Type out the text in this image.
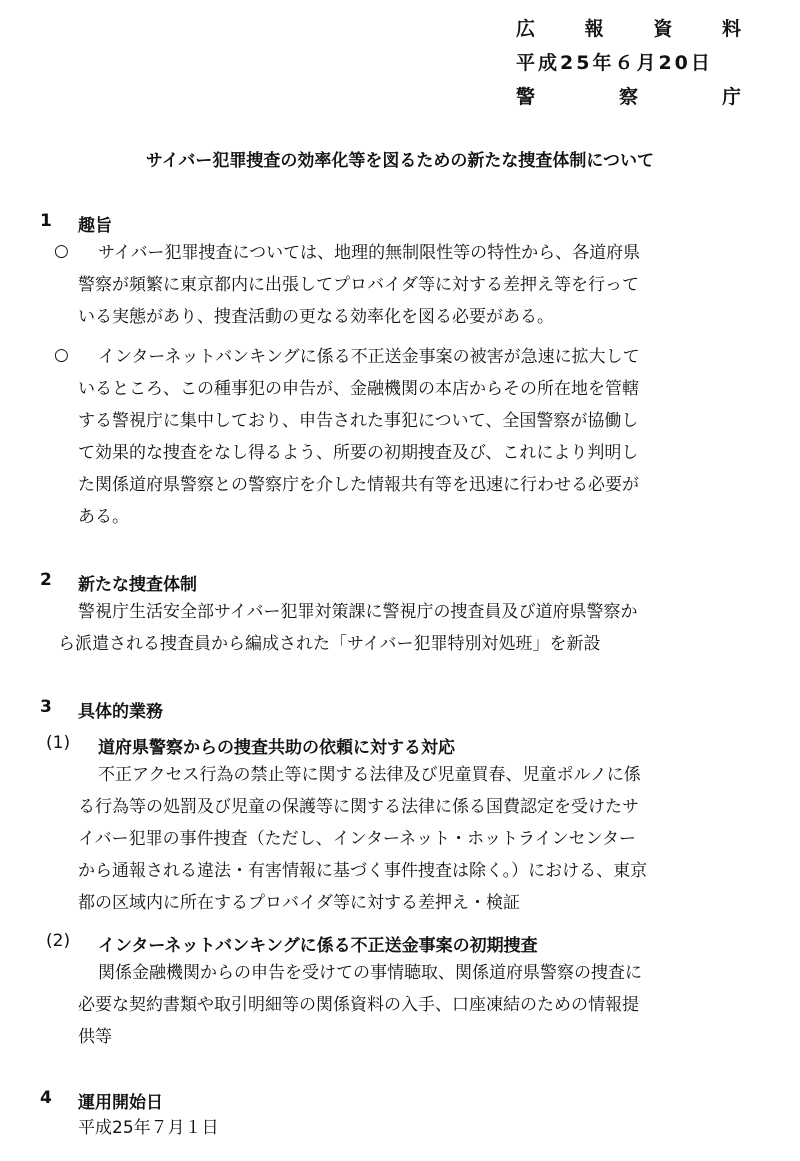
広	報	資	料
平成25年６月20日
警	察	庁
サイバー犯罪捜査の効率化等を図るための新たな捜査体制について
1 趣旨
○ サイバー犯罪捜査については、地理的無制限性等の特性から、各道府県
警察が頻繁に東京都内に出張してプロバイダ等に対する差押え等を行って
いる実態があり、捜査活動の更なる効率化を図る必要がある。
○ インターネットバンキングに係る不正送金事案の被害が急速に拡大して
いるところ、この種事犯の申告が、金融機関の本店からその所在地を管轄
する警視庁に集中しており、申告された事犯について、全国警察が協働し
て効果的な捜査をなし得るよう、所要の初期捜査及び、これにより判明し
た関係道府県警察との警察庁を介した情報共有等を迅速に行わせる必要が
ある。
2 新たな捜査体制
警視庁生活安全部サイバー犯罪対策課に警視庁の捜査員及び道府県警察か
ら派遣される捜査員から編成された「サイバー犯罪特別対処班」を新設
3 具体的業務
(1) 道府県警察からの捜査共助の依頼に対する対応
不正アクセス行為の禁止等に関する法律及び児童買春、児童ポルノに係
る行為等の処罰及び児童の保護等に関する法律に係る国費認定を受けたサ
イバー犯罪の事件捜査（ただし、インターネット・ホットラインセンター
から通報される違法・有害情報に基づく事件捜査は除く。）における、東京
都の区域内に所在するプロバイダ等に対する差押え・検証
(2) インターネットバンキングに係る不正送金事案の初期捜査
関係金融機関からの申告を受けての事情聴取、関係道府県警察の捜査に
必要な契約書類や取引明細等の関係資料の入手、口座凍結のための情報提
供等
4 運用開始日
平成25年７月１日
